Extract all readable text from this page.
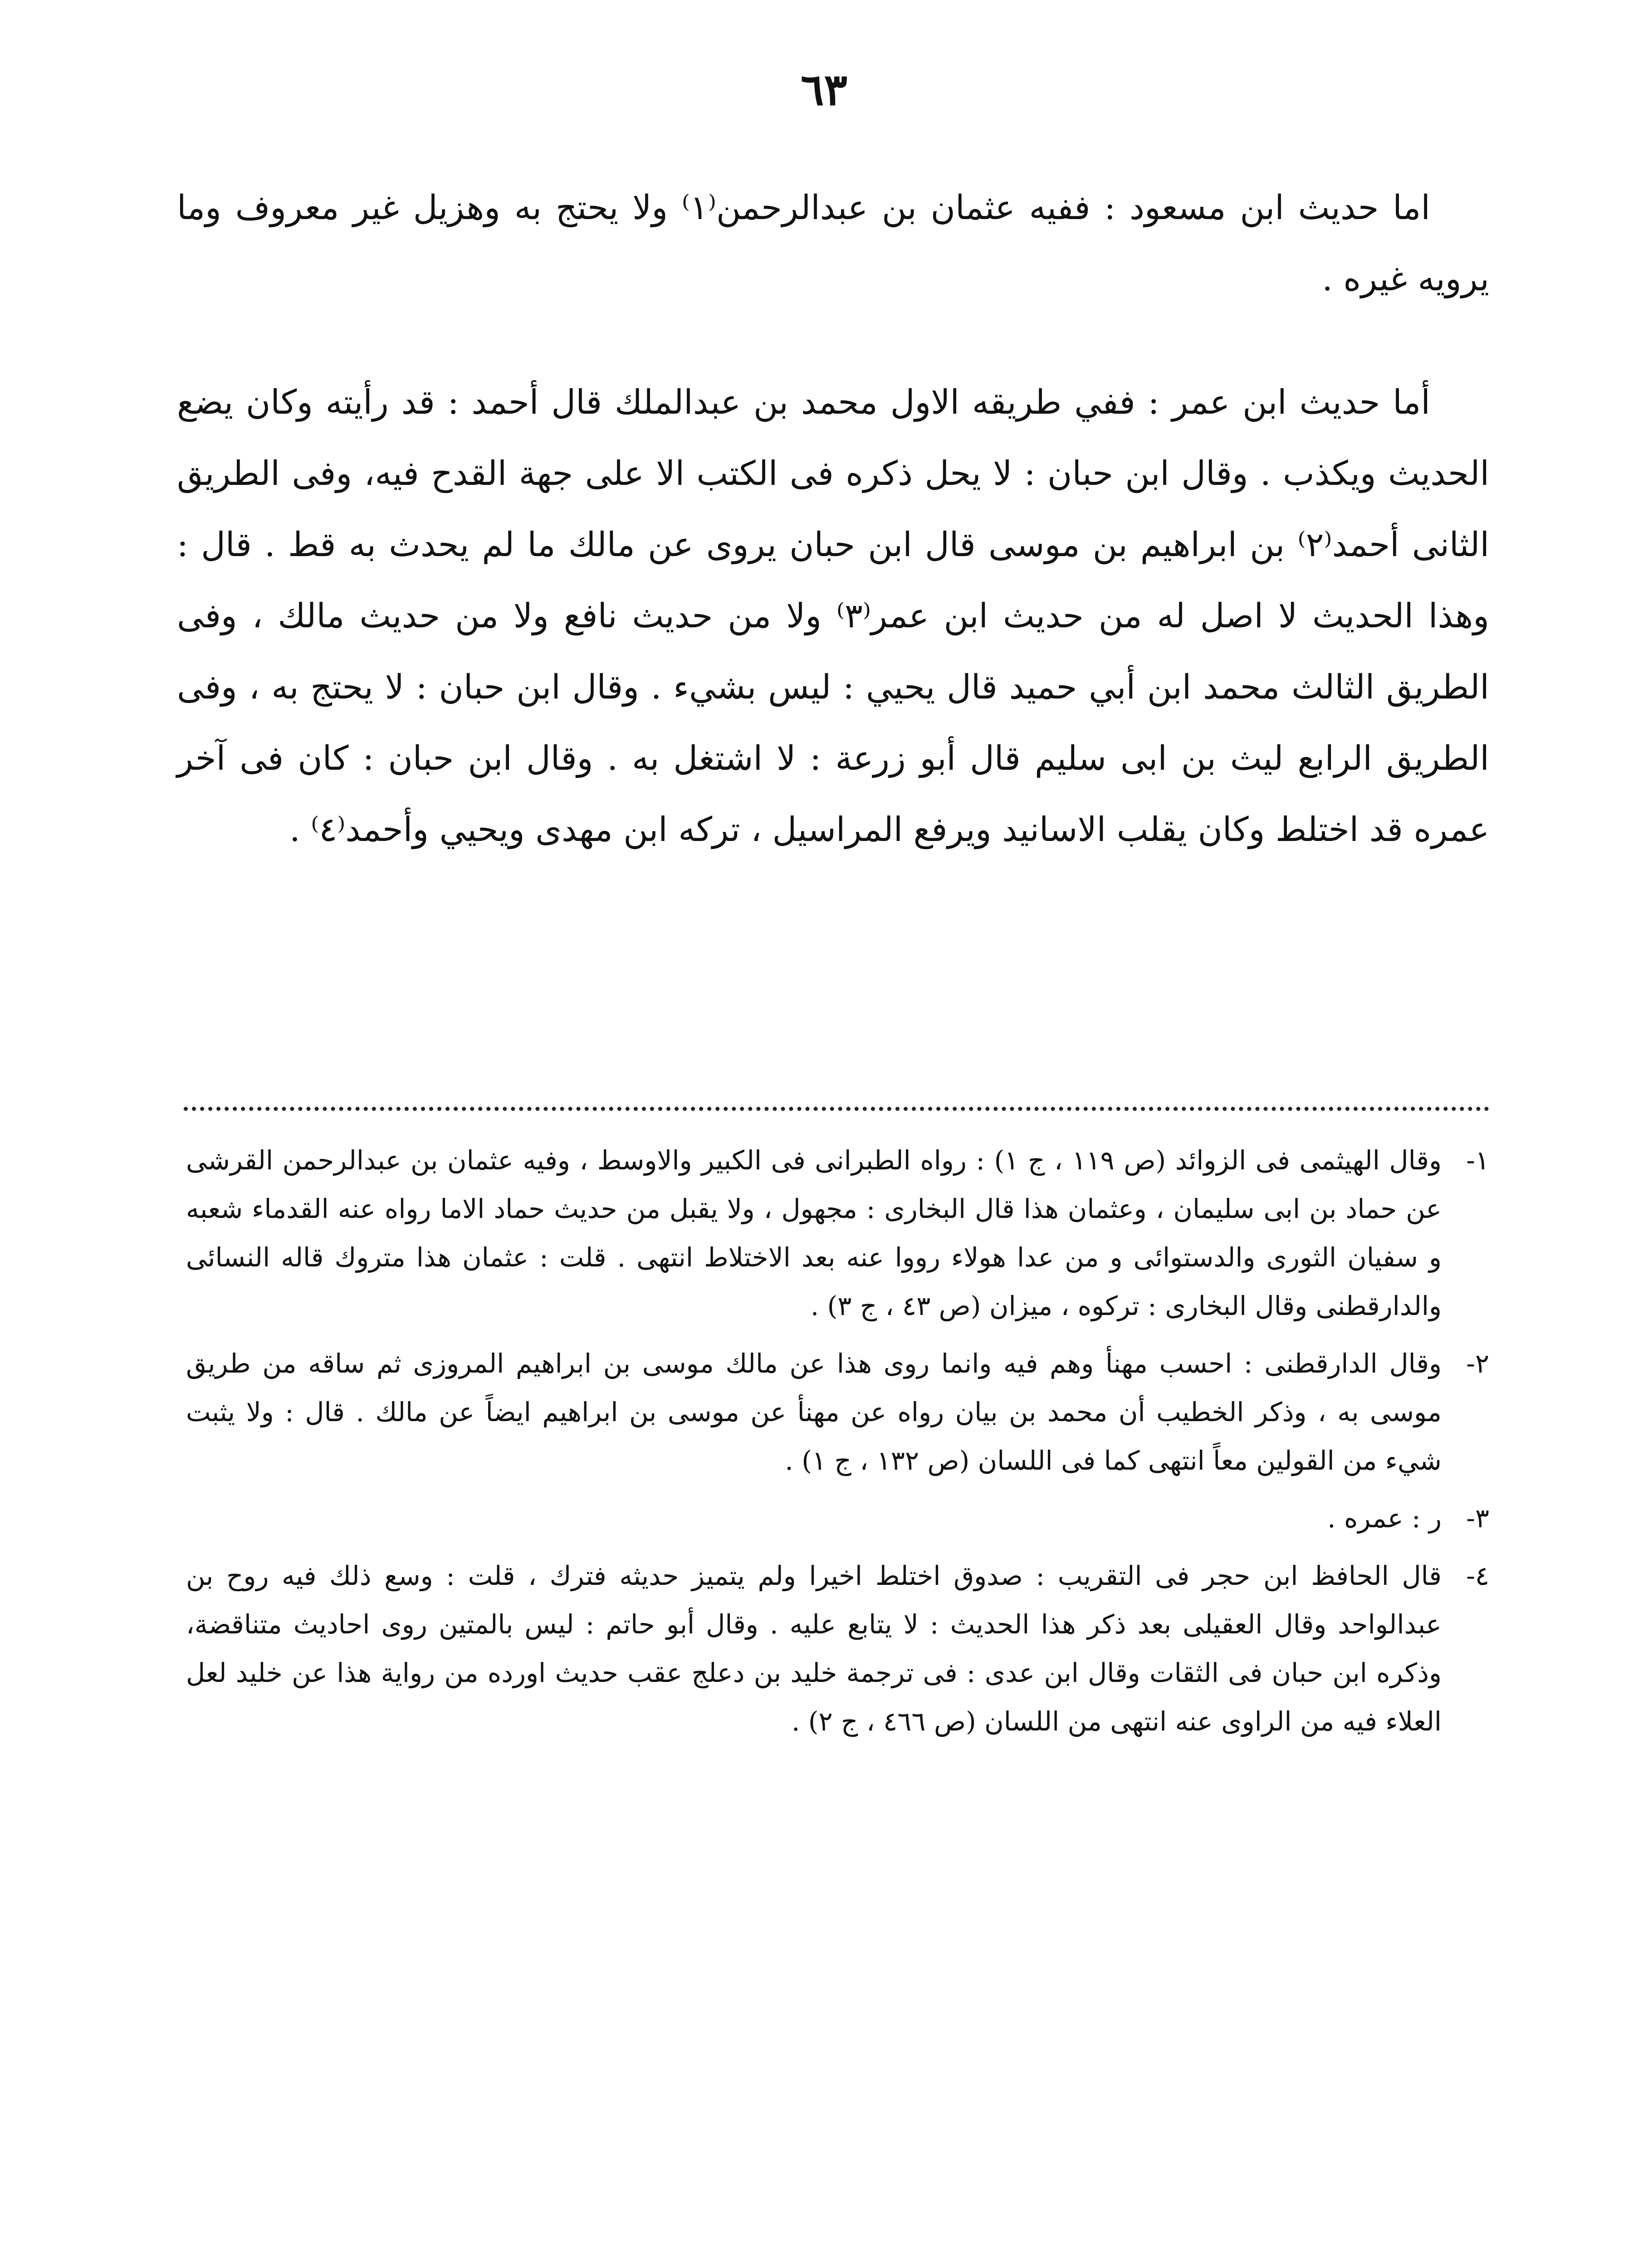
٦٣

اما حديث ابن مسعود : ففيه عثمان بن عبدالرحمن⁽١⁾ ولا يحتج به وهزيل غير معروف وما يرويه غيره .

أما حديث ابن عمر : ففي طريقه الاول محمد بن عبدالملك قال أحمد : قد رأيته وكان يضع الحديث ويكذب . وقال ابن حبان : لا يحل ذكره فى الكتب الا على جهة القدح فيه، وفى الطريق الثانى أحمد⁽٢⁾ بن ابراهيم بن موسى قال ابن حبان يروى عن مالك ما لم يحدث به قط . قال : وهذا الحديث لا اصل له من حديث ابن عمر⁽٣⁾ ولا من حديث نافع ولا من حديث مالك ، وفى الطريق الثالث محمد ابن أبي حميد قال يحيي : ليس بشيء . وقال ابن حبان : لا يحتج به ، وفى الطريق الرابع ليث بن ابى سليم قال أبو زرعة : لا اشتغل به . وقال ابن حبان : كان فى آخر عمره قد اختلط وكان يقلب الاسانيد ويرفع المراسيل ، تركه ابن مهدى ويحيي وأحمد⁽٤⁾ .

١-
وقال الهيثمى فى الزوائد (ص ١١٩ ، ج ١) : رواه الطبرانى فى الكبير والاوسط ، وفيه عثمان بن عبدالرحمن القرشى عن حماد بن ابى سليمان ، وعثمان هذا قال البخارى : مجهول ، ولا يقبل من حديث حماد الاما رواه عنه القدماء شعبه و سفيان الثورى والدستوائى و من عدا هولاء رووا عنه بعد الاختلاط انتهى . قلت : عثمان هذا متروك قاله النسائى والدارقطنى وقال البخارى : تركوه ، ميزان (ص ٤٣ ، ج ٣) .
٢-
وقال الدارقطنى : احسب مهنأ وهم فيه وانما روى هذا عن مالك موسى بن ابراهيم المروزى ثم ساقه من طريق موسى به ، وذكر الخطيب أن محمد بن بيان رواه عن مهنأ عن موسى بن ابراهيم ايضاً عن مالك . قال : ولا يثبت شيء من القولين معاً انتهى كما فى اللسان (ص ١٣٢ ، ج ١) .
٣-
ر : عمره .
٤-
قال الحافظ ابن حجر فى التقريب : صدوق اختلط اخيرا ولم يتميز حديثه فترك ، قلت : وسع ذلك فيه روح بن عبدالواحد وقال العقيلى بعد ذكر هذا الحديث : لا يتابع عليه . وقال أبو حاتم : ليس بالمتين روى احاديث متناقضة، وذكره ابن حبان فى الثقات وقال ابن عدى : فى ترجمة خليد بن دعلج عقب حديث اورده من رواية هذا عن خليد لعل العلاء فيه من الراوى عنه انتهى من اللسان (ص ٤٦٦ ، ج ٢) .
